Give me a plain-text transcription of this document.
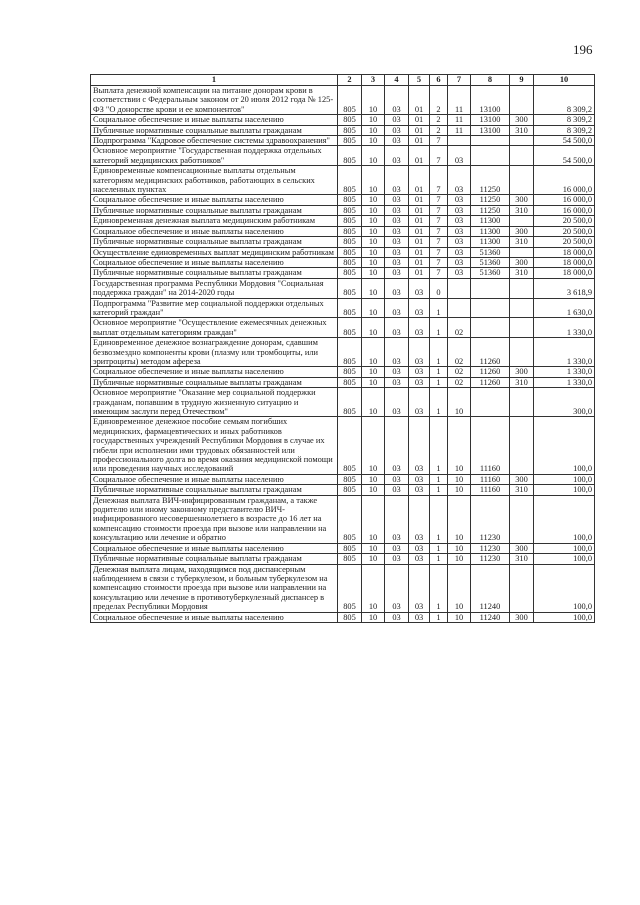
196
1	2	3	4	5	6	7	8	9	10
Выплата денежной компенсации на питание донорам крови в соответствии с Федеральным законом от 20 июля 2012 года № 125-ФЗ "О донорстве крови и ее компонентов"	805	10	03	01	2	11	13100		8 309,2
Социальное обеспечение и иные выплаты населению	805	10	03	01	2	11	13100	300	8 309,2
Публичные нормативные социальные выплаты гражданам	805	10	03	01	2	11	13100	310	8 309,2
Подпрограмма "Кадровое обеспечение системы здравоохранения"	805	10	03	01	7				54 500,0
Основное мероприятие "Государственная поддержка отдельных категорий медицинских работников"	805	10	03	01	7	03			54 500,0
Единовременные компенсационные выплаты отдельным категориям медицинских работников, работающих в сельских населенных пунктах	805	10	03	01	7	03	11250		16 000,0
Социальное обеспечение и иные выплаты населению	805	10	03	01	7	03	11250	300	16 000,0
Публичные нормативные социальные выплаты гражданам	805	10	03	01	7	03	11250	310	16 000,0
Единовременная денежная выплата медицинским работникам	805	10	03	01	7	03	11300		20 500,0
Социальное обеспечение и иные выплаты населению	805	10	03	01	7	03	11300	300	20 500,0
Публичные нормативные социальные выплаты гражданам	805	10	03	01	7	03	11300	310	20 500,0
Осуществление единовременных выплат медицинским работникам	805	10	03	01	7	03	51360		18 000,0
Социальное обеспечение и иные выплаты населению	805	10	03	01	7	03	51360	300	18 000,0
Публичные нормативные социальные выплаты гражданам	805	10	03	01	7	03	51360	310	18 000,0
Государственная программа Республики Мордовия "Социальная поддержка граждан" на 2014-2020 годы	805	10	03	03	0				3 618,9
Подпрограмма "Развитие мер социальной поддержки отдельных категорий граждан"	805	10	03	03	1				1 630,0
Основное мероприятие "Осуществление ежемесячных денежных выплат отдельным категориям граждан"	805	10	03	03	1	02			1 330,0
Единовременное денежное вознаграждение донорам, сдавшим безвозмездно компоненты крови (плазму или тромбоциты, или эритроциты) методом афереза	805	10	03	03	1	02	11260		1 330,0
Социальное обеспечение и иные выплаты населению	805	10	03	03	1	02	11260	300	1 330,0
Публичные нормативные социальные выплаты гражданам	805	10	03	03	1	02	11260	310	1 330,0
Основное мероприятие "Оказание мер социальной поддержки гражданам, попавшим в трудную жизненную ситуацию и имеющим заслуги перед Отечеством"	805	10	03	03	1	10			300,0
Единовременное денежное пособие семьям погибших медицинских, фармацевтических и иных работников государственных учреждений Республики Мордовия в случае их гибели при исполнении ими трудовых обязанностей или профессионального долга во время оказания медицинской помощи или проведения научных исследований	805	10	03	03	1	10	11160		100,0
Социальное обеспечение и иные выплаты населению	805	10	03	03	1	10	11160	300	100,0
Публичные нормативные социальные выплаты гражданам	805	10	03	03	1	10	11160	310	100,0
Денежная выплата ВИЧ-инфицированным гражданам, а также родителю или иному законному представителю ВИЧ-инфицированного несовершеннолетнего в возрасте до 16 лет на компенсацию стоимости проезда при вызове или направлении на консультацию или лечение и обратно	805	10	03	03	1	10	11230		100,0
Социальное обеспечение и иные выплаты населению	805	10	03	03	1	10	11230	300	100,0
Публичные нормативные социальные выплаты гражданам	805	10	03	03	1	10	11230	310	100,0
Денежная выплата лицам, находящимся под диспансерным наблюдением в связи с туберкулезом, и больным туберкулезом на компенсацию стоимости проезда при вызове или направлении на консультацию или лечение в противотуберкулезный диспансер в пределах Республики Мордовия	805	10	03	03	1	10	11240		100,0
Социальное обеспечение и иные выплаты населению	805	10	03	03	1	10	11240	300	100,0
